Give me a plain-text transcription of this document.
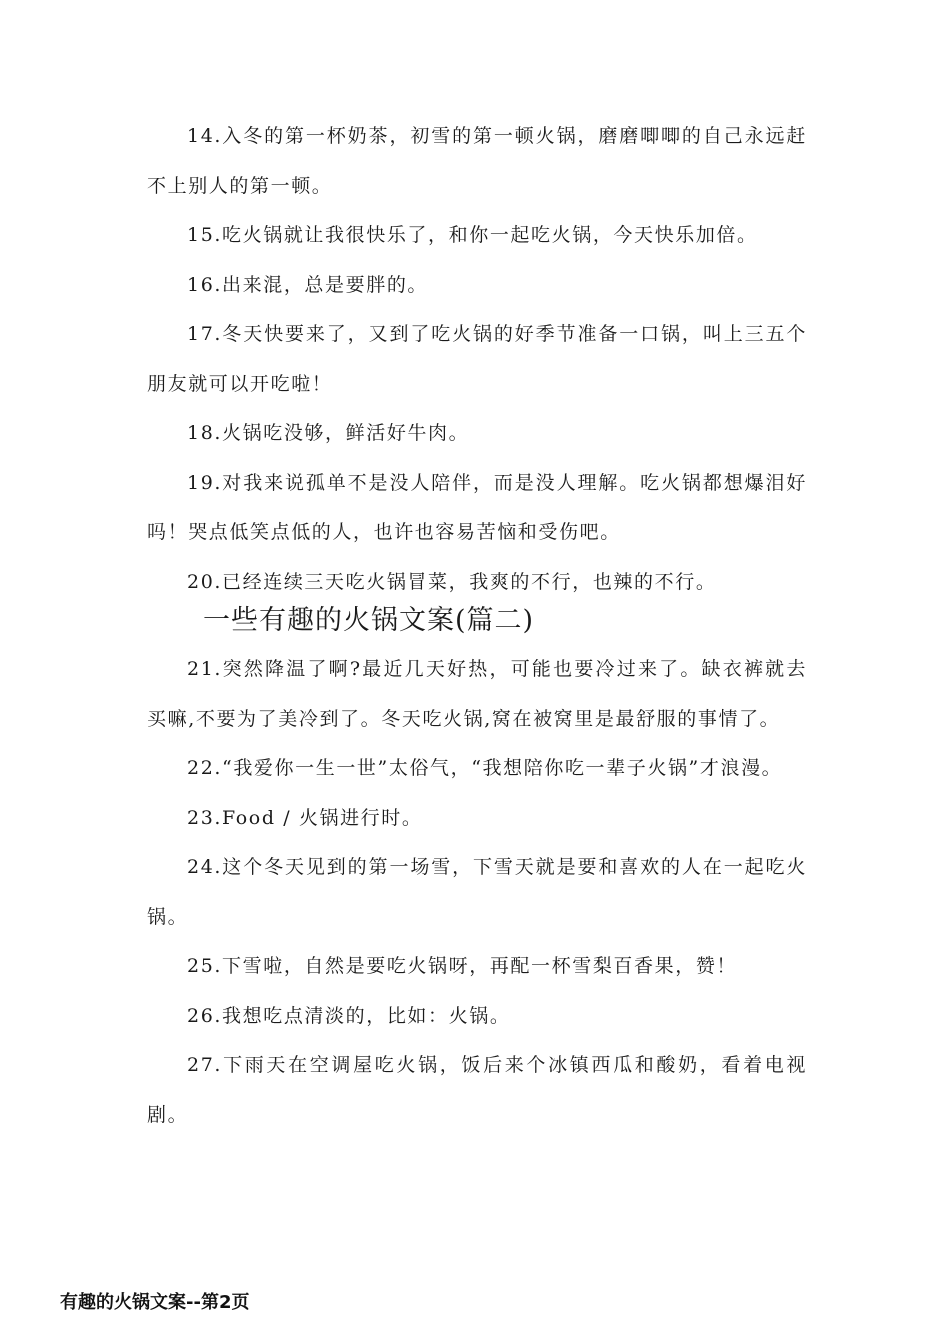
14.入冬的第一杯奶茶，初雪的第一顿火锅，磨磨唧唧的自己永远赶不上别人的第一顿。

15.吃火锅就让我很快乐了，和你一起吃火锅，今天快乐加倍。

16.出来混，总是要胖的。

17.冬天快要来了，又到了吃火锅的好季节准备一口锅，叫上三五个朋友就可以开吃啦！

18.火锅吃没够，鲜活好牛肉。

19.对我来说孤单不是没人陪伴，而是没人理解。吃火锅都想爆泪好吗！哭点低笑点低的人，也许也容易苦恼和受伤吧。

20.已经连续三天吃火锅冒菜，我爽的不行，也辣的不行。

一些有趣的火锅文案(篇二)

21.突然降温了啊?最近几天好热，可能也要冷过来了。缺衣裤就去买嘛,不要为了美冷到了。冬天吃火锅,窝在被窝里是最舒服的事情了。

22.“我爱你一生一世”太俗气，“我想陪你吃一辈子火锅”才浪漫。

23.Food / 火锅进行时。

24.这个冬天见到的第一场雪，下雪天就是要和喜欢的人在一起吃火锅。

25.下雪啦，自然是要吃火锅呀，再配一杯雪梨百香果，赞！

26.我想吃点清淡的，比如：火锅。

27.下雨天在空调屋吃火锅，饭后来个冰镇西瓜和酸奶，看着电视剧。

有趣的火锅文案--第2页
